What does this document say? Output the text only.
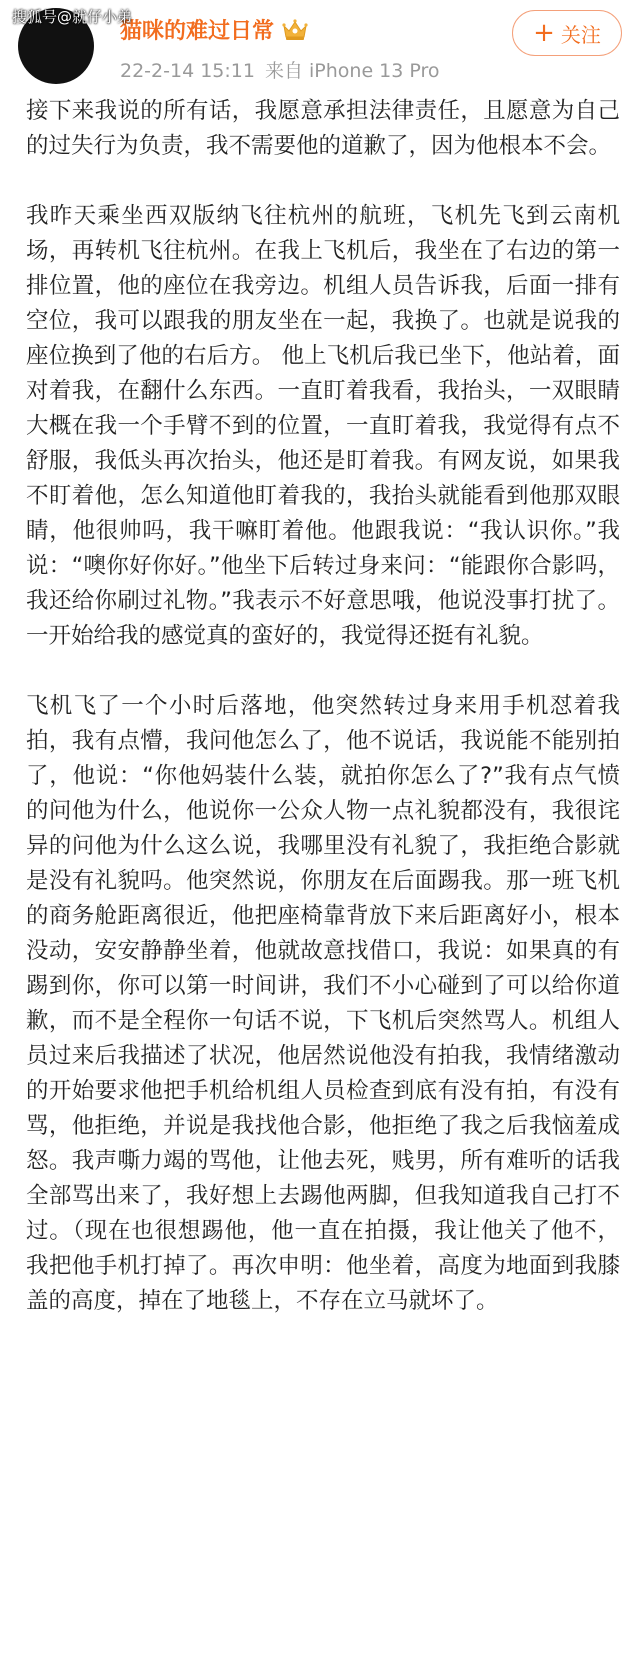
搜狐号@就仔小弟
猫咪的难过日常
22-2-14 15:11 来自 iPhone 13 Pro
+ 关注

接下来我说的所有话，我愿意承担法律责任，且愿意为自己的过失行为负责，我不需要他的道歉了，因为他根本不会。

我昨天乘坐西双版纳飞往杭州的航班，飞机先飞到云南机场，再转机飞往杭州。在我上飞机后，我坐在了右边的第一排位置，他的座位在我旁边。机组人员告诉我，后面一排有空位，我可以跟我的朋友坐在一起，我换了。也就是说我的座位换到了他的右后方。 他上飞机后我已坐下，他站着，面对着我，在翻什么东西。一直盯着我看，我抬头，一双眼睛大概在我一个手臂不到的位置，一直盯着我，我觉得有点不舒服，我低头再次抬头，他还是盯着我。有网友说，如果我不盯着他，怎么知道他盯着我的，我抬头就能看到他那双眼睛，他很帅吗，我干嘛盯着他。他跟我说：“我认识你。”我说：“噢你好你好。”他坐下后转过身来问：“能跟你合影吗，我还给你刷过礼物。”我表示不好意思哦，他说没事打扰了。一开始给我的感觉真的蛮好的，我觉得还挺有礼貌。

飞机飞了一个小时后落地，他突然转过身来用手机怼着我拍，我有点懵，我问他怎么了，他不说话，我说能不能别拍了，他说：“你他妈装什么装，就拍你怎么了?”我有点气愤的问他为什么，他说你一公众人物一点礼貌都没有，我很诧异的问他为什么这么说，我哪里没有礼貌了，我拒绝合影就是没有礼貌吗。他突然说，你朋友在后面踢我。那一班飞机的商务舱距离很近，他把座椅靠背放下来后距离好小，根本没动，安安静静坐着，他就故意找借口，我说：如果真的有踢到你，你可以第一时间讲，我们不小心碰到了可以给你道歉，而不是全程你一句话不说，下飞机后突然骂人。机组人员过来后我描述了状况，他居然说他没有拍我，我情绪激动的开始要求他把手机给机组人员检查到底有没有拍，有没有骂，他拒绝，并说是我找他合影，他拒绝了我之后我恼羞成怒。我声嘶力竭的骂他，让他去死，贱男，所有难听的话我全部骂出来了，我好想上去踢他两脚，但我知道我自己打不过。（现在也很想踢他，他一直在拍摄，我让他关了他不，我把他手机打掉了。再次申明：他坐着，高度为地面到我膝盖的高度，掉在了地毯上，不存在立马就坏了。
